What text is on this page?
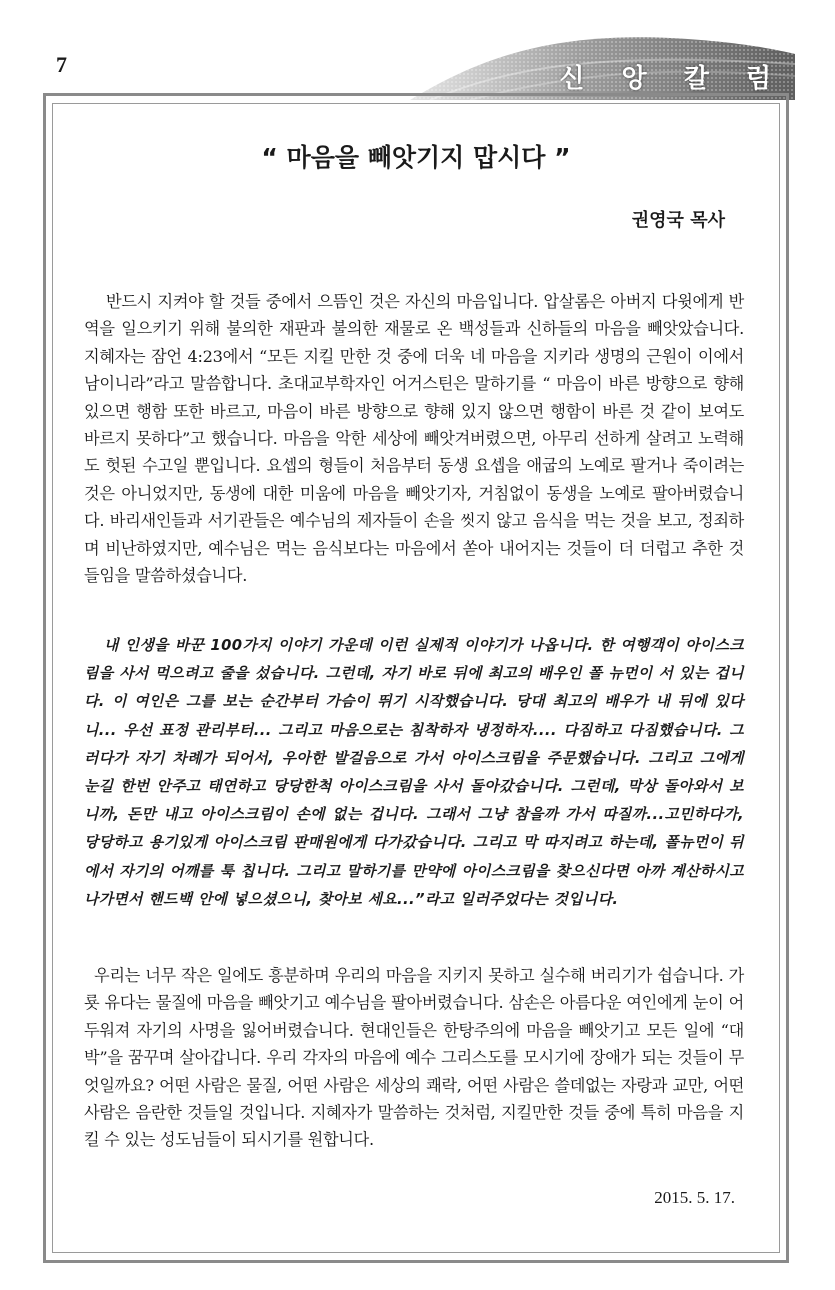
7	신 앙 칼 럼
“ 마음을 빼앗기지 맙시다 ”
권영국 목사
반드시 지켜야 할 것들 중에서 으뜸인 것은 자신의 마음입니다. 압살롬은 아버지 다윗에게 반역을 일으키기 위해 불의한 재판과 불의한 재물로 온 백성들과 신하들의 마음을 빼앗았습니다. 지혜자는 잠언 4:23에서 “모든 지킬 만한 것 중에 더욱 네 마음을 지키라 생명의 근원이 이에서 남이니라”라고 말씀합니다. 초대교부학자인 어거스틴은 말하기를 “ 마음이 바른 방향으로 향해 있으면 행함 또한 바르고, 마음이 바른 방향으로 향해 있지 않으면 행함이 바른 것 같이 보여도 바르지 못하다”고 했습니다. 마음을 악한 세상에 빼앗겨버렸으면, 아무리 선하게 살려고 노력해도 헛된 수고일 뿐입니다. 요셉의 형들이 처음부터 동생 요셉을 애굽의 노예로 팔거나 죽이려는 것은 아니었지만, 동생에 대한 미움에 마음을 빼앗기자, 거침없이 동생을 노예로 팔아버렸습니다. 바리새인들과 서기관들은 예수님의 제자들이 손을 씻지 않고 음식을 먹는 것을 보고, 정죄하며 비난하였지만, 예수님은 먹는 음식보다는 마음에서 쏟아 내어지는 것들이 더 더럽고 추한 것들임을 말씀하셨습니다.
내 인생을 바꾼 100가지 이야기 가운데 이런 실제적 이야기가 나옵니다. 한 여행객이 아이스크림을 사서 먹으려고 줄을 섰습니다. 그런데, 자기 바로 뒤에 최고의 배우인 폴 뉴먼이 서 있는 겁니다. 이 여인은 그를 보는 순간부터 가슴이 뛰기 시작했습니다. 당대 최고의 배우가 내 뒤에 있다니... 우선 표정 관리부터... 그리고 마음으로는 침착하자 냉정하자.... 다짐하고 다짐했습니다. 그러다가 자기 차례가 되어서, 우아한 발걸음으로 가서 아이스크림을 주문했습니다. 그리고 그에게 눈길 한번 안주고 태연하고 당당한척 아이스크림을 사서 돌아갔습니다. 그런데, 막상 돌아와서 보니까, 돈만 내고 아이스크림이 손에 없는 겁니다. 그래서 그냥 참을까 가서 따질까...고민하다가, 당당하고 용기있게 아이스크림 판매원에게 다가갔습니다. 그리고 막 따지려고 하는데, 폴뉴먼이 뒤에서 자기의 어깨를 툭 칩니다. 그리고 말하기를 만약에 아이스크림을 찾으신다면 아까 계산하시고 나가면서 핸드백 안에 넣으셨으니, 찾아보 세요...”라고 일러주었다는 것입니다.
우리는 너무 작은 일에도 흥분하며 우리의 마음을 지키지 못하고 실수해 버리기가 쉽습니다. 가룟 유다는 물질에 마음을 빼앗기고 예수님을 팔아버렸습니다. 삼손은 아름다운 여인에게 눈이 어두워져 자기의 사명을 잃어버렸습니다. 현대인들은 한탕주의에 마음을 빼앗기고 모든 일에 “대박”을 꿈꾸며 살아갑니다. 우리 각자의 마음에 예수 그리스도를 모시기에 장애가 되는 것들이 무엇일까요? 어떤 사람은 물질, 어떤 사람은 세상의 쾌락, 어떤 사람은 쓸데없는 자랑과 교만, 어떤 사람은 음란한 것들일 것입니다. 지혜자가 말씀하는 것처럼, 지킬만한 것들 중에 특히 마음을 지킬 수 있는 성도님들이 되시기를 원합니다.
2015. 5. 17.
